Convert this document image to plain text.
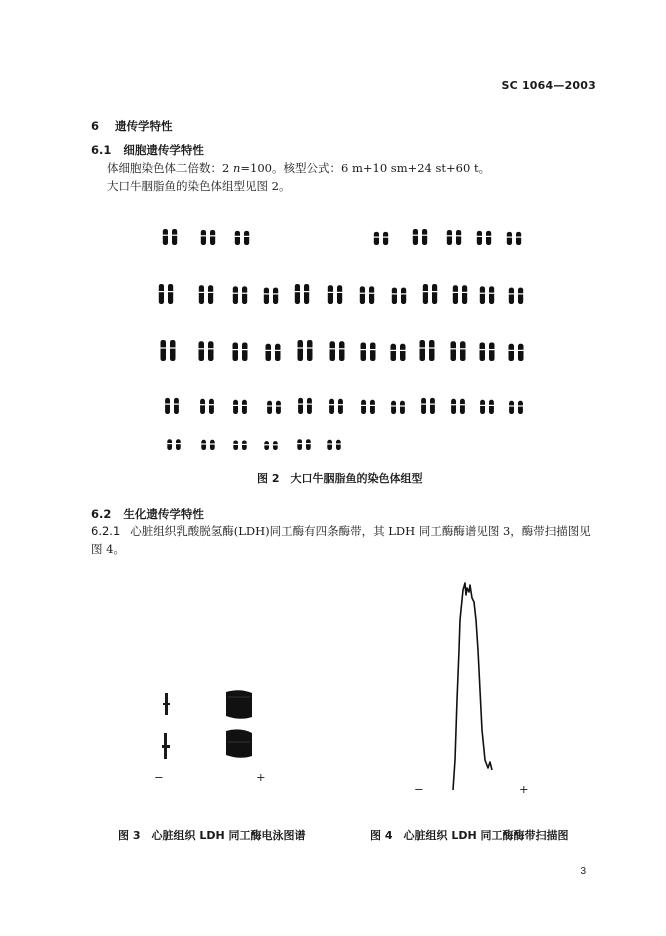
SC 1064—2003
6 遗传学特性
6.1 细胞遗传学特性
体细胞染色体二倍数：2 n=100。核型公式：6 m+10 sm+24 st+60 t。
大口牛胭脂鱼的染色体组型见图 2。
图 2　大口牛胭脂鱼的染色体组型
6.2 生化遗传学特性
6.2.1 心脏组织乳酸脱氢酶(LDH)同工酶有四条酶带，其 LDH 同工酶酶谱见图 3，酶带扫描图见
图 4。
−	+
图 3　心脏组织 LDH 同工酶电泳图谱
−	+
图 4　心脏组织 LDH 同工酶酶带扫描图
3
